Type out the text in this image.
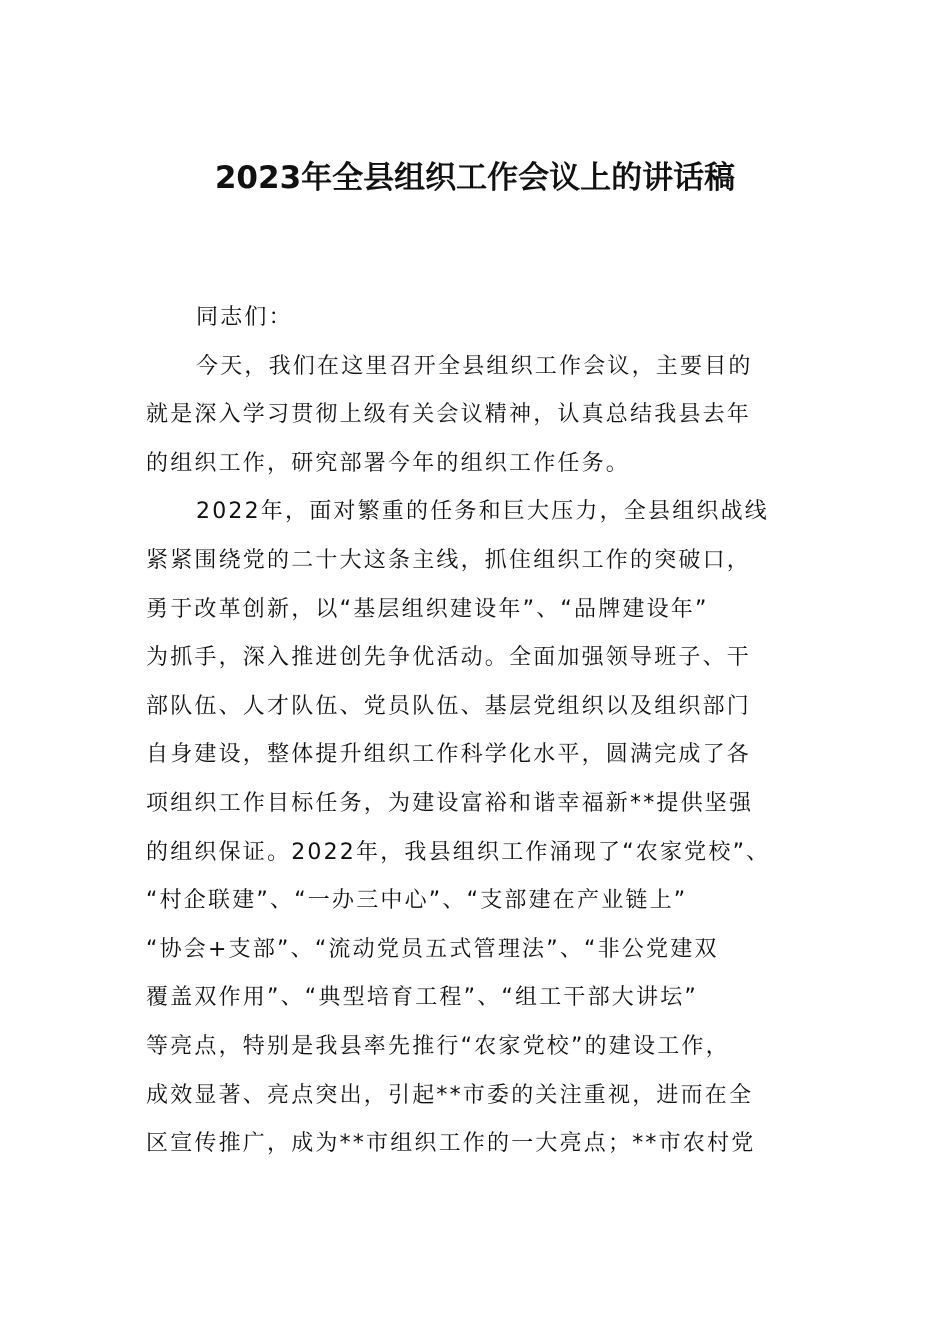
2023年全县组织工作会议上的讲话稿

同志们：

今天，我们在这里召开全县组织工作会议，主要目的
就是深入学习贯彻上级有关会议精神，认真总结我县去年
的组织工作，研究部署今年的组织工作任务。

2022年，面对繁重的任务和巨大压力，全县组织战线
紧紧围绕党的二十大这条主线，抓住组织工作的突破口，
勇于改革创新，以“基层组织建设年”、“品牌建设年”
为抓手，深入推进创先争优活动。全面加强领导班子、干
部队伍、人才队伍、党员队伍、基层党组织以及组织部门
自身建设，整体提升组织工作科学化水平，圆满完成了各
项组织工作目标任务，为建设富裕和谐幸福新**提供坚强
的组织保证。2022年，我县组织工作涌现了“农家党校”、
“村企联建”、“一办三中心”、“支部建在产业链上”
“协会+支部”、“流动党员五式管理法”、“非公党建双
覆盖双作用”、“典型培育工程”、“组工干部大讲坛”
等亮点，特别是我县率先推行“农家党校”的建设工作，
成效显著、亮点突出，引起**市委的关注重视，进而在全
区宣传推广，成为**市组织工作的一大亮点；**市农村党
